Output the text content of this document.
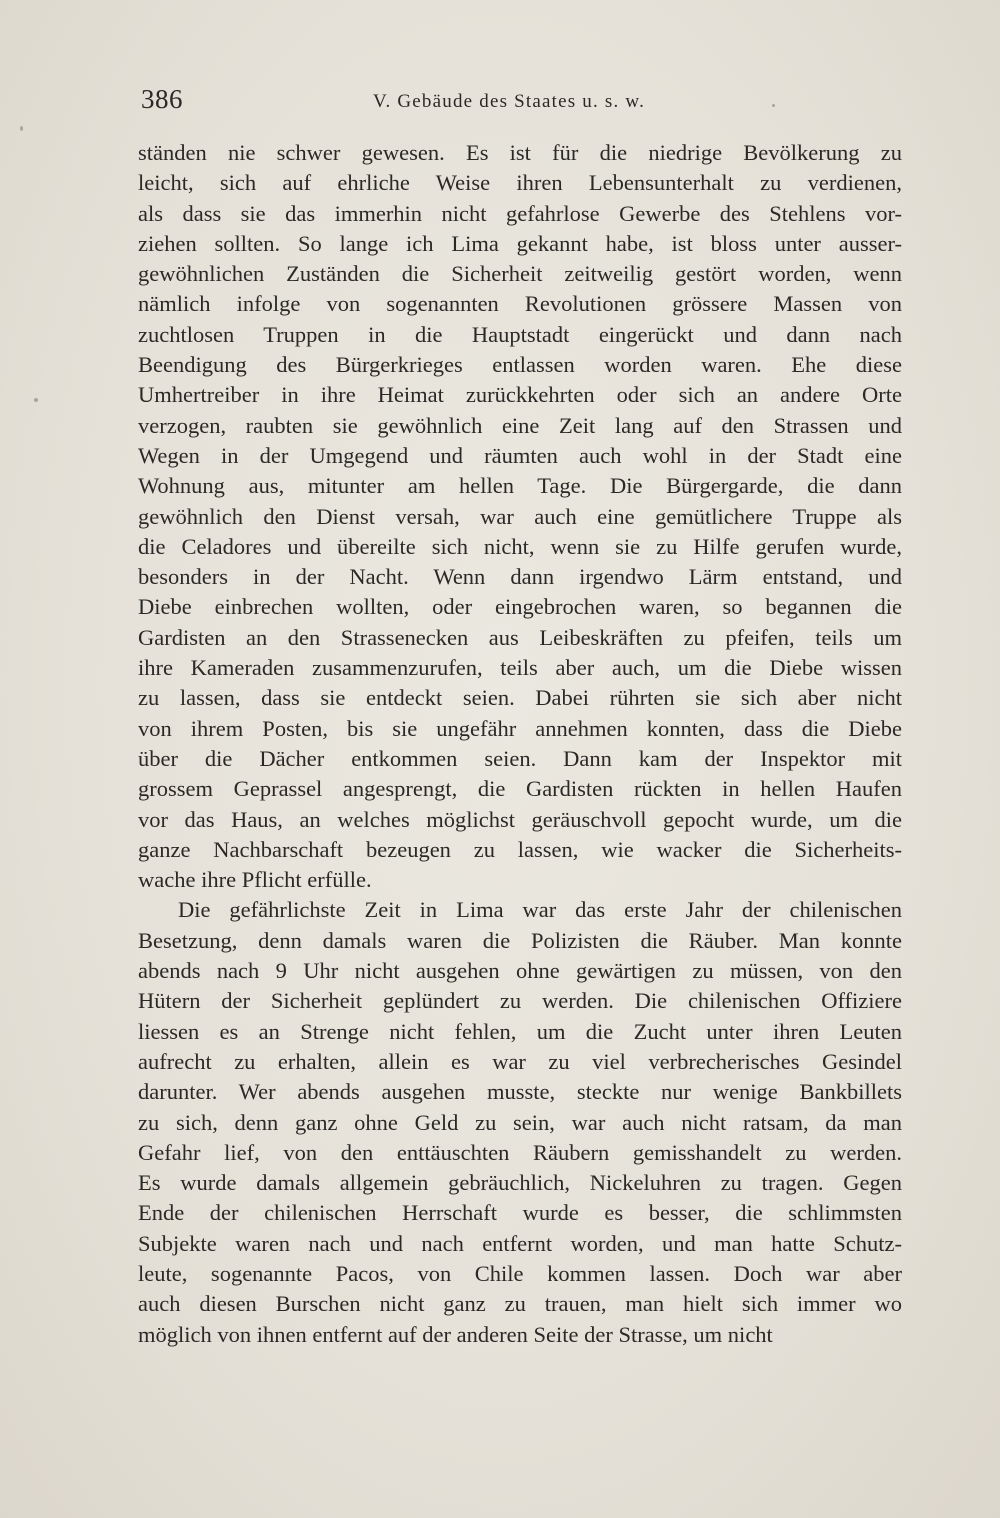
386	V. Gebäude des Staates u. s. w.
ständen nie schwer gewesen. Es ist für die niedrige Bevölkerung zu
leicht, sich auf ehrliche Weise ihren Lebensunterhalt zu verdienen,
als dass sie das immerhin nicht gefahrlose Gewerbe des Stehlens vor-
ziehen sollten. So lange ich Lima gekannt habe, ist bloss unter ausser-
gewöhnlichen Zuständen die Sicherheit zeitweilig gestört worden, wenn
nämlich infolge von sogenannten Revolutionen grössere Massen von
zuchtlosen Truppen in die Hauptstadt eingerückt und dann nach
Beendigung des Bürgerkrieges entlassen worden waren. Ehe diese
Umhertreiber in ihre Heimat zurückkehrten oder sich an andere Orte
verzogen, raubten sie gewöhnlich eine Zeit lang auf den Strassen und
Wegen in der Umgegend und räumten auch wohl in der Stadt eine
Wohnung aus, mitunter am hellen Tage. Die Bürgergarde, die dann
gewöhnlich den Dienst versah, war auch eine gemütlichere Truppe als
die Celadores und übereilte sich nicht, wenn sie zu Hilfe gerufen wurde,
besonders in der Nacht. Wenn dann irgendwo Lärm entstand, und
Diebe einbrechen wollten, oder eingebrochen waren, so begannen die
Gardisten an den Strassenecken aus Leibeskräften zu pfeifen, teils um
ihre Kameraden zusammenzurufen, teils aber auch, um die Diebe wissen
zu lassen, dass sie entdeckt seien. Dabei rührten sie sich aber nicht
von ihrem Posten, bis sie ungefähr annehmen konnten, dass die Diebe
über die Dächer entkommen seien. Dann kam der Inspektor mit
grossem Geprassel angesprengt, die Gardisten rückten in hellen Haufen
vor das Haus, an welches möglichst geräuschvoll gepocht wurde, um die
ganze Nachbarschaft bezeugen zu lassen, wie wacker die Sicherheits-
wache ihre Pflicht erfülle.
Die gefährlichste Zeit in Lima war das erste Jahr der chilenischen
Besetzung, denn damals waren die Polizisten die Räuber. Man konnte
abends nach 9 Uhr nicht ausgehen ohne gewärtigen zu müssen, von den
Hütern der Sicherheit geplündert zu werden. Die chilenischen Offiziere
liessen es an Strenge nicht fehlen, um die Zucht unter ihren Leuten
aufrecht zu erhalten, allein es war zu viel verbrecherisches Gesindel
darunter. Wer abends ausgehen musste, steckte nur wenige Bankbillets
zu sich, denn ganz ohne Geld zu sein, war auch nicht ratsam, da man
Gefahr lief, von den enttäuschten Räubern gemisshandelt zu werden.
Es wurde damals allgemein gebräuchlich, Nickeluhren zu tragen. Gegen
Ende der chilenischen Herrschaft wurde es besser, die schlimmsten
Subjekte waren nach und nach entfernt worden, und man hatte Schutz-
leute, sogenannte Pacos, von Chile kommen lassen. Doch war aber
auch diesen Burschen nicht ganz zu trauen, man hielt sich immer wo
möglich von ihnen entfernt auf der anderen Seite der Strasse, um nicht
